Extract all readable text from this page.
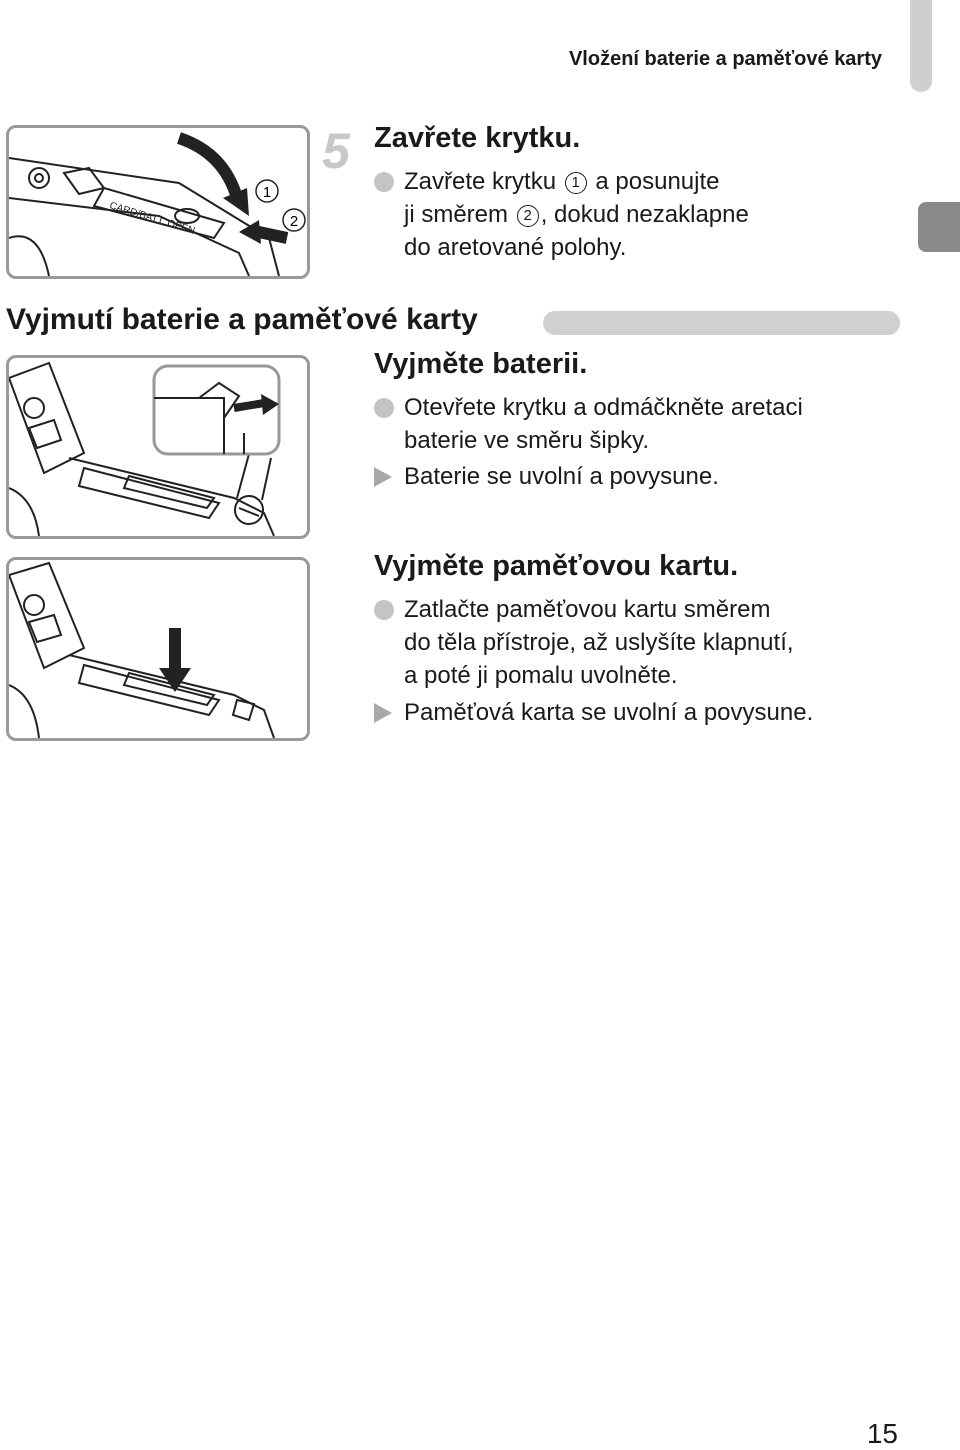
Vložení baterie a paměťové karty
CARD/BATT. OPEN
1
2
5 Zavřete krytku.
Zavřete krytku 1 a posunujte
ji směrem 2 , dokud nezaklapne
do aretované polohy.
Vyjmutí baterie a paměťové karty
Vyjměte baterii.
Otevřete krytku a odmáčkněte aretaci
baterie ve směru šipky.
Baterie se uvolní a povysune.
Vyjměte paměťovou kartu.
Zatlačte paměťovou kartu směrem
do těla přístroje, až uslyšíte klapnutí,
a poté ji pomalu uvolněte.
Paměťová karta se uvolní a povysune.
15
